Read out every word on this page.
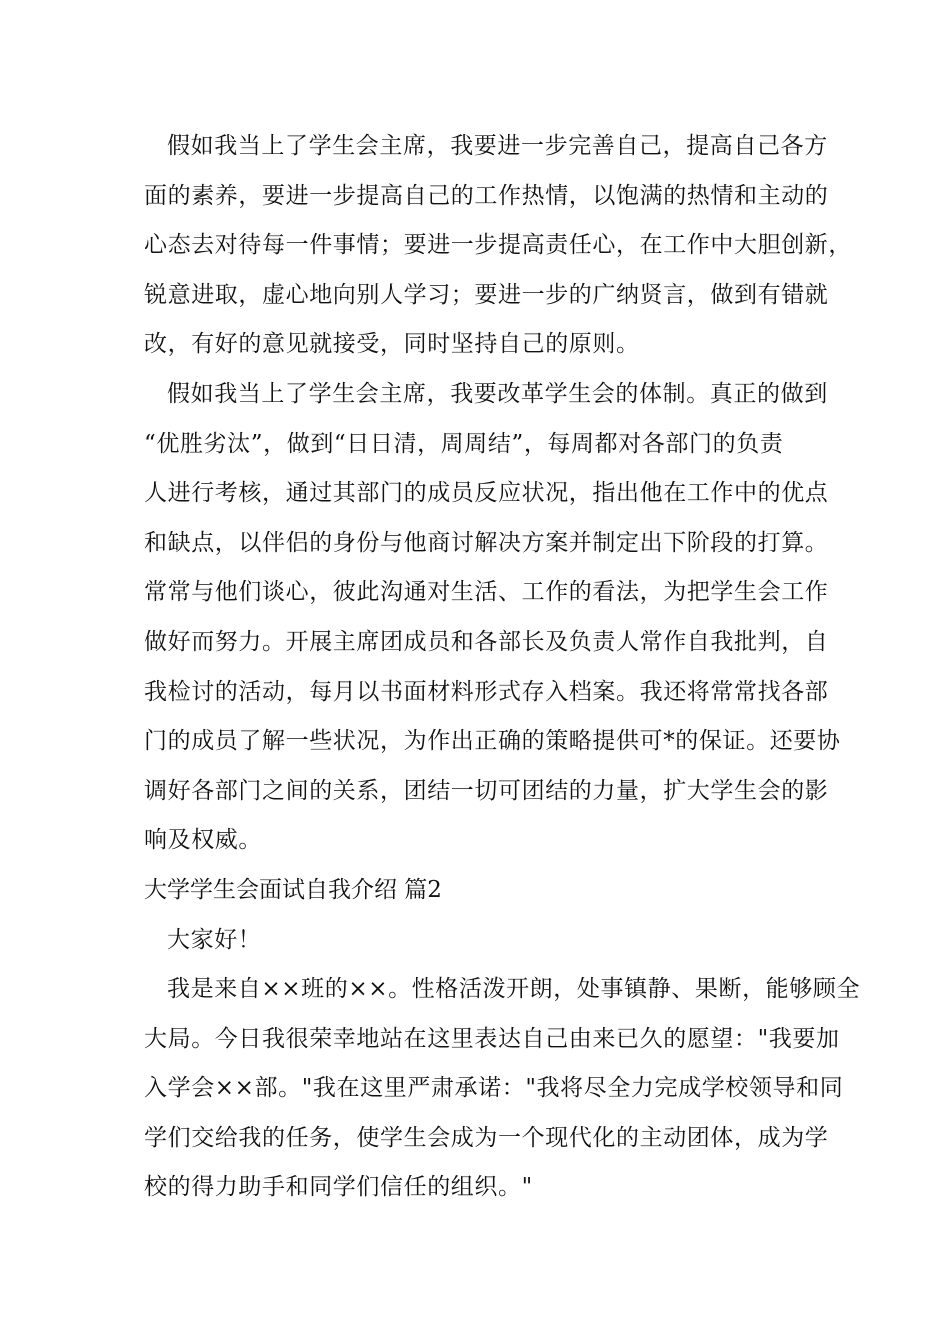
假如我当上了学生会主席，我要进一步完善自己，提高自己各方
面的素养，要进一步提高自己的工作热情，以饱满的热情和主动的
心态去对待每一件事情；要进一步提高责任心，在工作中大胆创新，
锐意进取，虚心地向别人学习；要进一步的广纳贤言，做到有错就
改，有好的意见就接受，同时坚持自己的原则。
假如我当上了学生会主席，我要改革学生会的体制。真正的做到
“优胜劣汰”，做到“日日清，周周结”，每周都对各部门的负责
人进行考核，通过其部门的成员反应状况，指出他在工作中的优点
和缺点，以伴侣的身份与他商讨解决方案并制定出下阶段的打算。
常常与他们谈心，彼此沟通对生活、工作的看法，为把学生会工作
做好而努力。开展主席团成员和各部长及负责人常作自我批判，自
我检讨的活动，每月以书面材料形式存入档案。我还将常常找各部
门的成员了解一些状况，为作出正确的策略提供可*的保证。还要协
调好各部门之间的关系，团结一切可团结的力量，扩大学生会的影
响及权威。
大学学生会面试自我介绍 篇2
大家好！
我是来自××班的××。性格活泼开朗，处事镇静、果断，能够顾全
大局。今日我很荣幸地站在这里表达自己由来已久的愿望："我要加
入学会××部。"我在这里严肃承诺："我将尽全力完成学校领导和同
学们交给我的任务，使学生会成为一个现代化的主动团体，成为学
校的得力助手和同学们信任的组织。"
